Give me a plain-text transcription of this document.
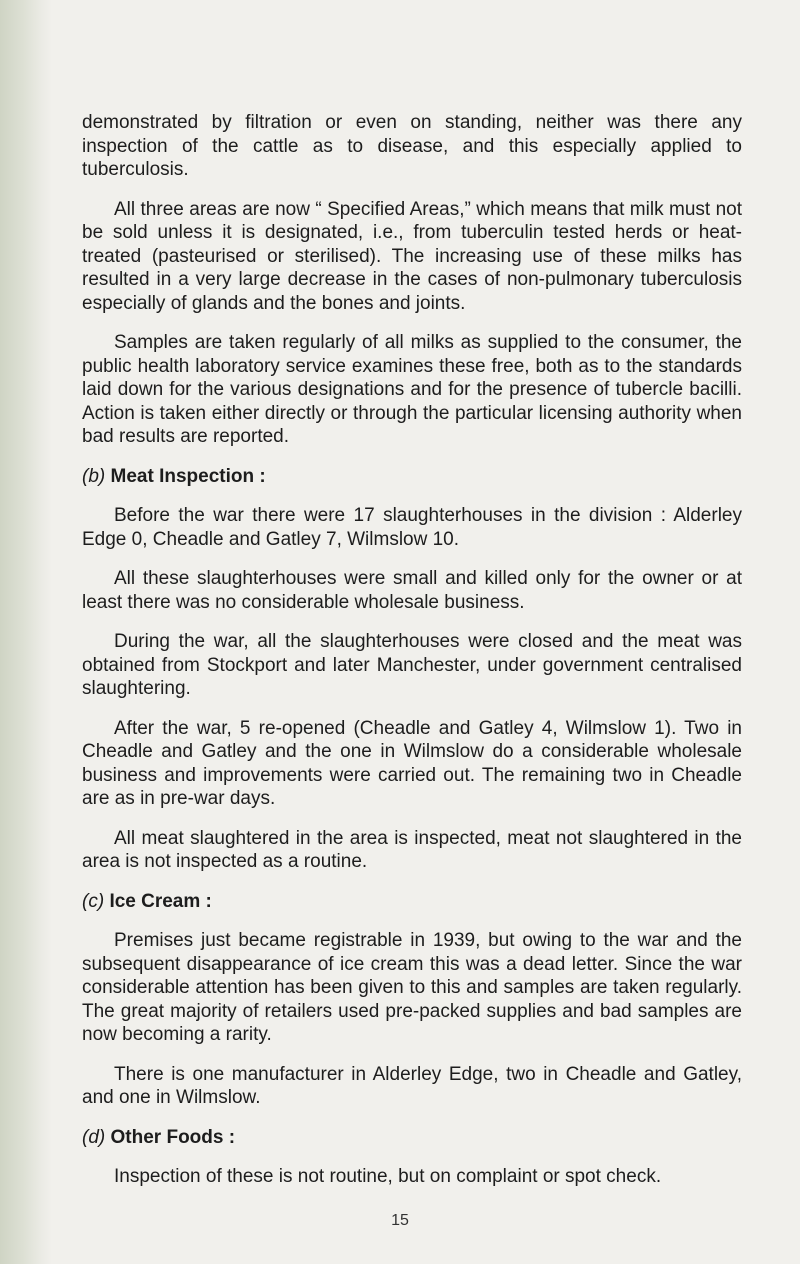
demonstrated by filtration or even on standing, neither was there any inspection of the cattle as to disease, and this especially applied to tuberculosis.

All three areas are now “ Specified Areas,” which means that milk must not be sold unless it is designated, i.e., from tuberculin tested herds or heat-treated (pasteurised or sterilised). The increasing use of these milks has resulted in a very large decrease in the cases of non-pulmonary tuberculosis especially of glands and the bones and joints.

Samples are taken regularly of all milks as supplied to the consumer, the public health laboratory service examines these free, both as to the standards laid down for the various designations and for the presence of tubercle bacilli. Action is taken either directly or through the particular licensing authority when bad results are reported.

(b) Meat Inspection :

Before the war there were 17 slaughterhouses in the division : Alderley Edge 0, Cheadle and Gatley 7, Wilmslow 10.

All these slaughterhouses were small and killed only for the owner or at least there was no considerable wholesale business.

During the war, all the slaughterhouses were closed and the meat was obtained from Stockport and later Manchester, under government centralised slaughtering.

After the war, 5 re-opened (Cheadle and Gatley 4, Wilmslow 1). Two in Cheadle and Gatley and the one in Wilmslow do a considerable wholesale business and improvements were carried out. The remaining two in Cheadle are as in pre-war days.

All meat slaughtered in the area is inspected, meat not slaughtered in the area is not inspected as a routine.

(c) Ice Cream :

Premises just became registrable in 1939, but owing to the war and the subsequent disappearance of ice cream this was a dead letter. Since the war considerable attention has been given to this and samples are taken regularly. The great majority of retailers used pre-packed supplies and bad samples are now becoming a rarity.

There is one manufacturer in Alderley Edge, two in Cheadle and Gatley, and one in Wilmslow.

(d) Other Foods :

Inspection of these is not routine, but on complaint or spot check.

15
